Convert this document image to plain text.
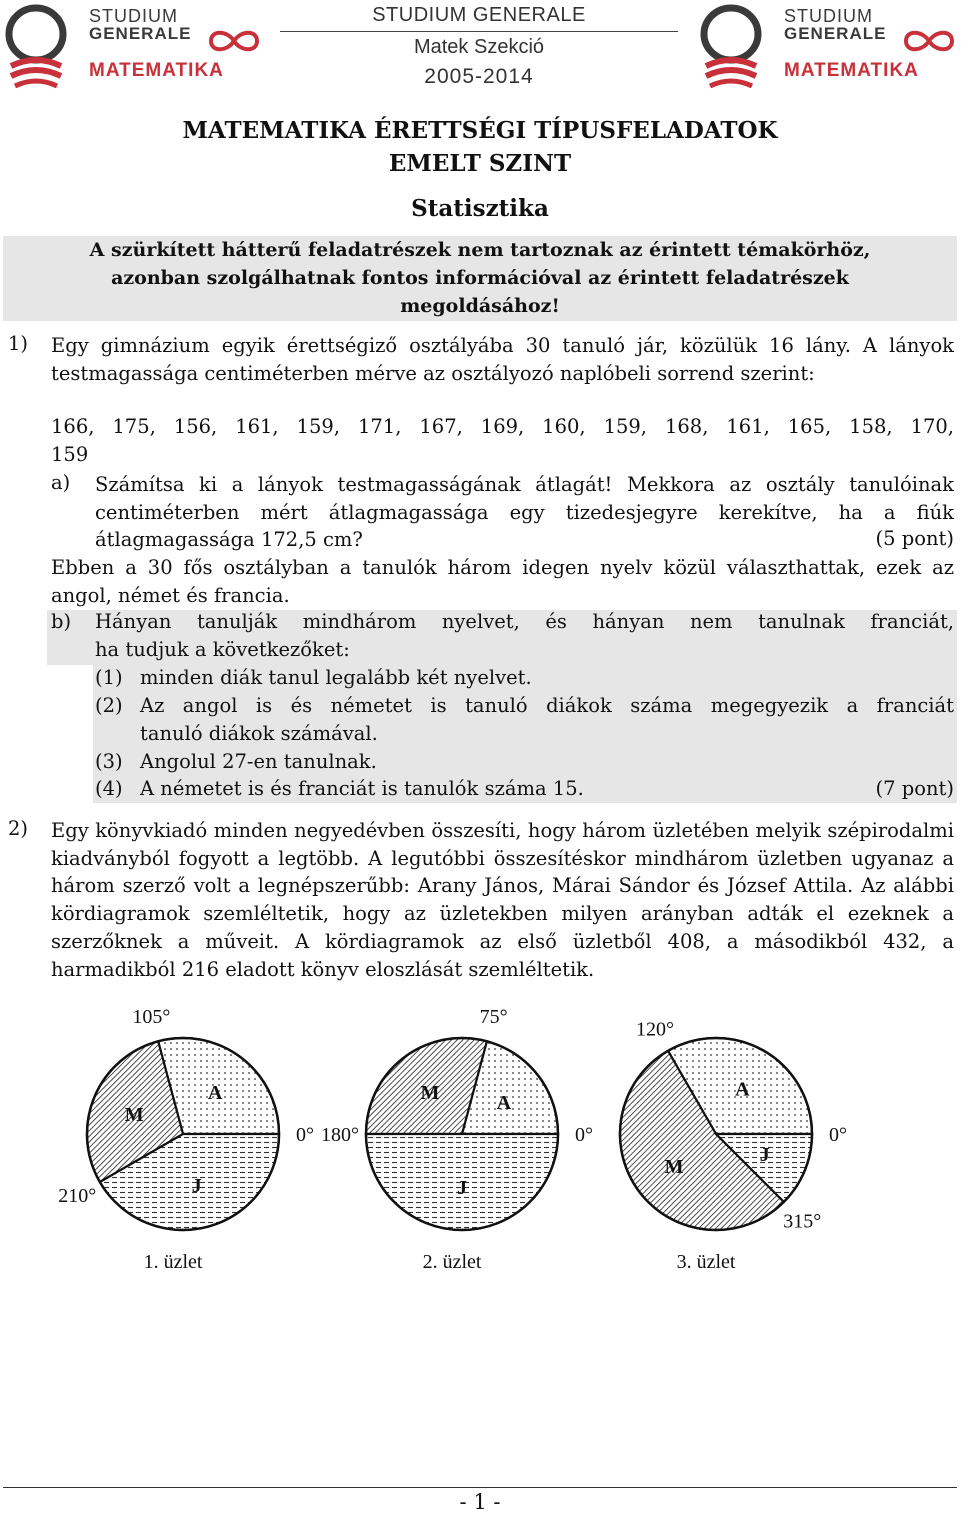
STUDIUM
GENERALE
MATEMATIKA
STUDIUM GENERALE
Matek Szekció
2005-2014
STUDIUM
GENERALE
MATEMATIKA
MATEMATIKA ÉRETTSÉGI TÍPUSFELADATOK
EMELT SZINT
Statisztika
A szürkített hátterű feladatrészek nem tartoznak az érintett témakörhöz,
azonban szolgálhatnak fontos információval az érintett feladatrészek
megoldásához!
1) Egy gimnázium egyik érettségiző osztályába 30 tanuló jár, közülük 16 lány. A lányok testmagassága centiméterben mérve az osztályozó naplóbeli sorrend szerint:
166, 175, 156, 161, 159, 171, 167, 169, 160, 159, 168, 161, 165, 158, 170,
159
a) Számítsa ki a lányok testmagasságának átlagát! Mekkora az osztály tanulóinak centiméterben mért átlagmagassága egy tizedesjegyre kerekítve, ha a fiúk átlagmagassága 172,5 cm?	(5 pont)
Ebben a 30 fős osztályban a tanulók három idegen nyelv közül választhattak, ezek az angol, német és francia.
b) Hányan tanulják mindhárom nyelvet, és hányan nem tanulnak franciát,
ha tudjuk a következőket:
(1) minden diák tanul legalább két nyelvet.
(2) Az angol is és németet is tanuló diákok száma megegyezik a franciát
tanuló diákok számával.
(3) Angolul 27-en tanulnak.
(4) A németet is és franciát is tanulók száma 15.	(7 pont)
2) Egy könyvkiadó minden negyedévben összesíti, hogy három üzletében melyik szépirodalmi kiadványból fogyott a legtöbb. A legutóbbi összesítéskor mindhárom üzletben ugyanaz a három szerző volt a legnépszerűbb: Arany János, Márai Sándor és József Attila. Az alábbi kördiagramok szemléltetik, hogy az üzletekben milyen arányban adták el ezeknek a szerzőknek a műveit. A kördiagramok az első üzletből 408, a másodikból 432, a harmadikból 216 eladott könyv eloszlását szemléltetik.
A
M
J
105°
210°
0°
1. üzlet
A
M
J
75°
180°	0°
2. üzlet
A
M
J
120°
315°
0°
3. üzlet
- 1 -
